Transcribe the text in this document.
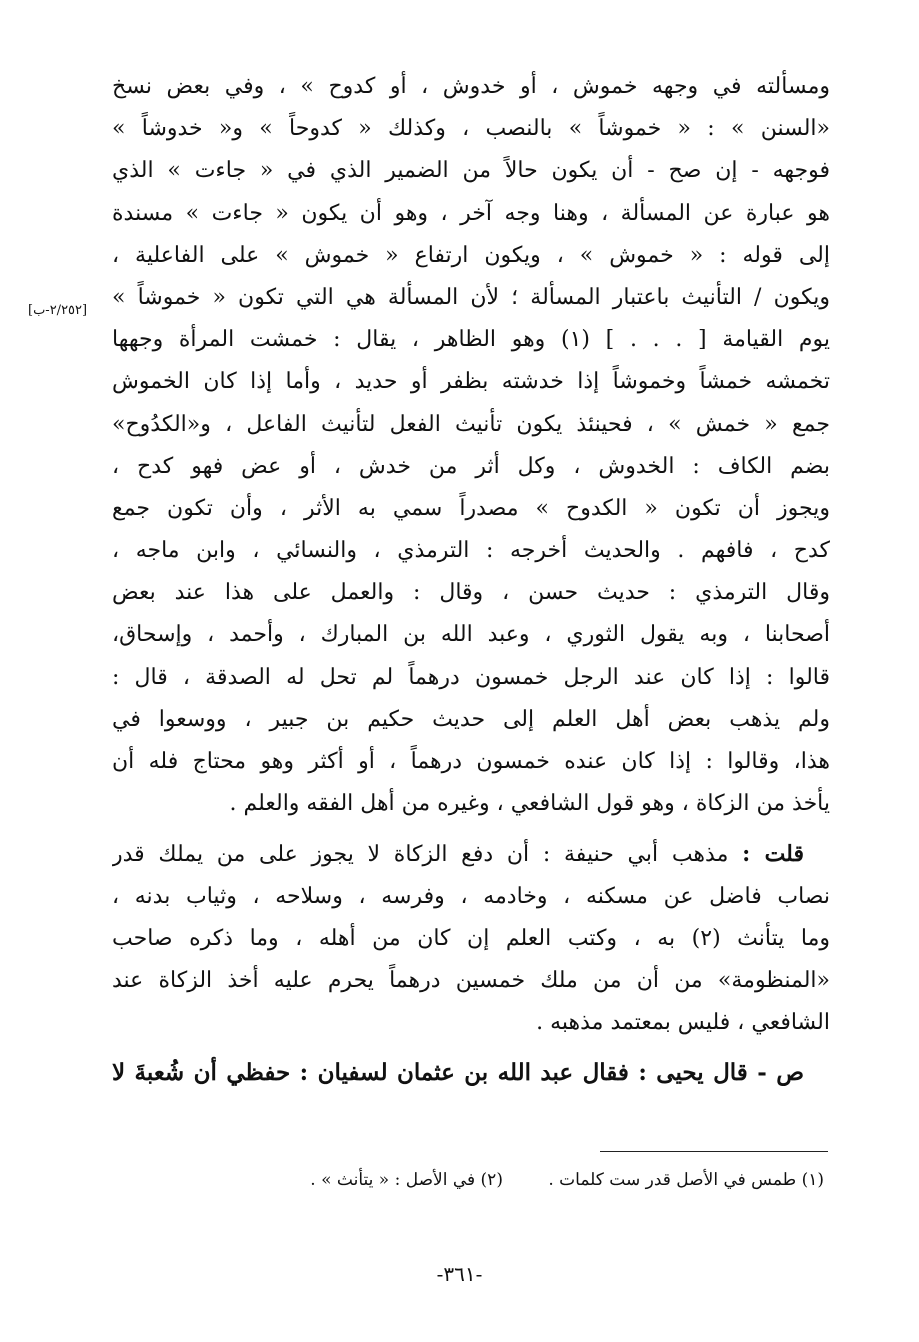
ومسألته في وجهه خموش ، أو خدوش ، أو كدوح » ، وفي بعض نسخ
«السنن » : « خموشاً » بالنصب ، وكذلك « كدوحاً » و« خدوشاً »
فوجهه - إن صح - أن يكون حالاً من الضمير الذي في « جاءت » الذي
هو عبارة عن المسألة ، وهنا وجه آخر ، وهو أن يكون « جاءت » مسندة
إلى قوله : « خموش » ، ويكون ارتفاع « خموش » على الفاعلية ،
ويكون / التأنيث باعتبار المسألة ؛ لأن المسألة هي التي تكون « خموشاً »
يوم القيامة [ . . . ] (١) وهو الظاهر ، يقال : خمشت المرأة وجهها
تخمشه خمشاً وخموشاً إذا خدشته بظفر أو حديد ، وأما إذا كان الخموش
جمع « خمش » ، فحينئذ يكون تأنيث الفعل لتأنيث الفاعل ، و«الكدُوح»
بضم الكاف : الخدوش ، وكل أثر من خدش ، أو عض فهو كدح ،
ويجوز أن تكون « الكدوح » مصدراً سمي به الأثر ، وأن تكون جمع
كدح ، فافهم . والحديث أخرجه : الترمذي ، والنسائي ، وابن ماجه ،
وقال الترمذي : حديث حسن ، وقال : والعمل على هذا عند بعض
أصحابنا ، وبه يقول الثوري ، وعبد الله بن المبارك ، وأحمد ، وإسحاق،
قالوا : إذا كان عند الرجل خمسون درهماً لم تحل له الصدقة ، قال :
ولم يذهب بعض أهل العلم إلى حديث حكيم بن جبير ، ووسعوا في
هذا، وقالوا : إذا كان عنده خمسون درهماً ، أو أكثر وهو محتاج فله أن
يأخذ من الزكاة ، وهو قول الشافعي ، وغيره من أهل الفقه والعلم .
قلت : مذهب أبي حنيفة : أن دفع الزكاة لا يجوز على من يملك قدر
نصاب فاضل عن مسكنه ، وخادمه ، وفرسه ، وسلاحه ، وثياب بدنه ،
وما يتأنث (٢) به ، وكتب العلم إن كان من أهله ، وما ذكره صاحب
«المنظومة» من أن من ملك خمسين درهماً يحرم عليه أخذ الزكاة عند
الشافعي ، فليس بمعتمد مذهبه .
ص - قال يحيى : فقال عبد الله بن عثمان لسفيان : حفظي أن شُعبةَ لا
[٢/٢٥٢-ب]
(١) طمس في الأصل قدر ست كلمات . (٢) في الأصل : « يتأنث » .
-٣٦١-
